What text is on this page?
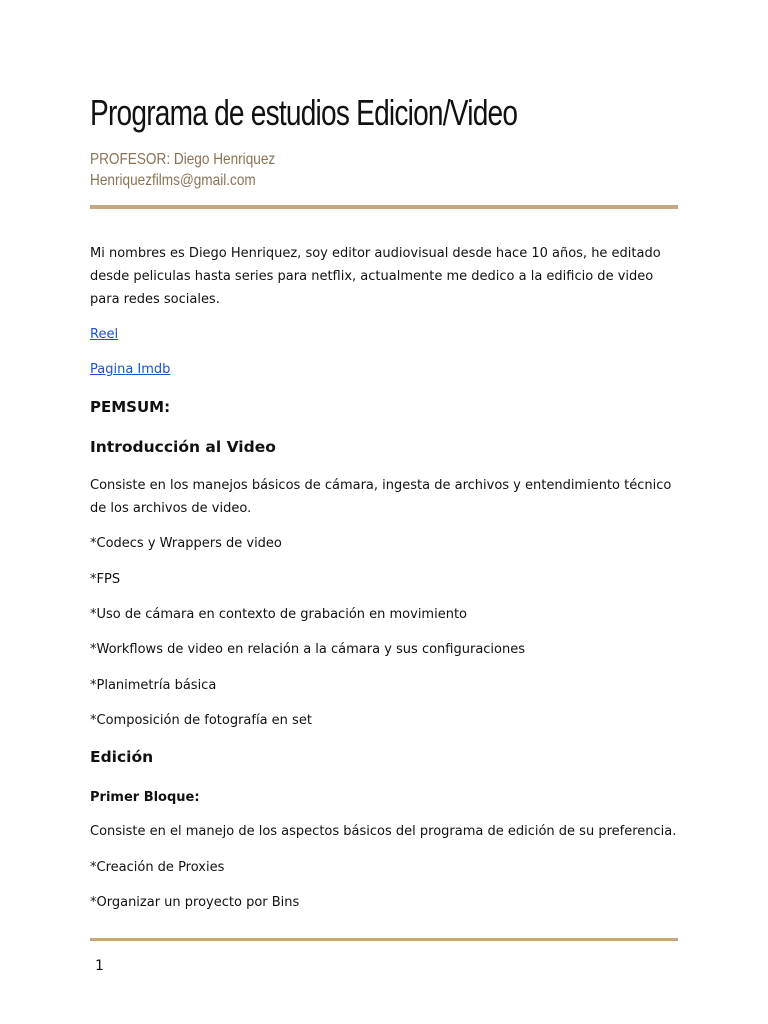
Programa de estudios Edicion/Video
PROFESOR: Diego Henriquez
Henriquezfilms@gmail.com
Mi nombres es Diego Henriquez, soy editor audiovisual desde hace 10 años, he editado desde peliculas hasta series para netflix, actualmente me dedico a la edificio de video para redes sociales.
Reel
Pagina Imdb
PEMSUM:
Introducción al Video
Consiste en los manejos básicos de cámara, ingesta de archivos y entendimiento técnico de los archivos de video.
*Codecs y Wrappers de video
*FPS
*Uso de cámara en contexto de grabación en movimiento
*Workflows de video en relación a la cámara y sus configuraciones
*Planimetría básica
*Composición de fotografía en set
Edición
Primer Bloque:
Consiste en el manejo de los aspectos básicos del programa de edición de su preferencia.
*Creación de Proxies
*Organizar un proyecto por Bins
1
